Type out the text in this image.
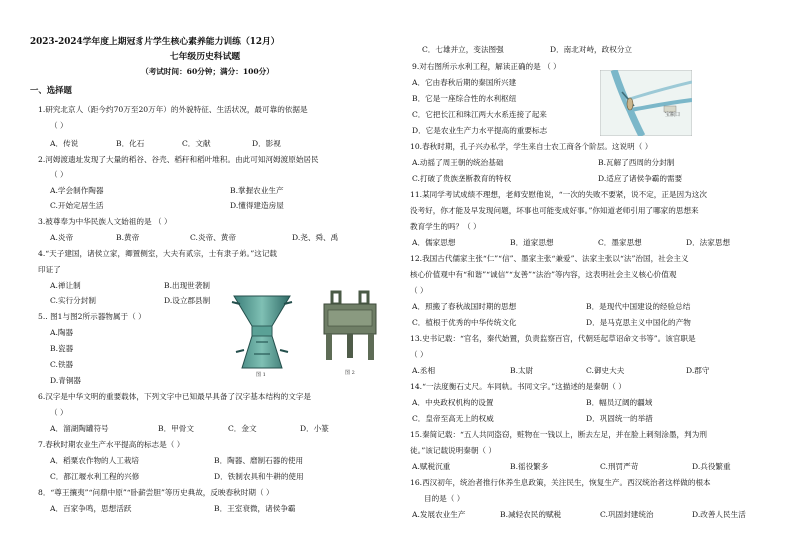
2023-2024学年度上期冠豸片学生核心素养能力训练（12月）
七年级历史科试题
（考试时间：60分钟；满分：100分）
一、选择题
1.研究北京人（距今约70万至20万年）的外貌特征、生活状况，最可靠的依据是
（ ）
A．传说	B．化石	C．文献	D．影视
2.河姆渡遗址发现了大量的稻谷、谷壳、稻秆和稻叶堆积。由此可知河姆渡原始居民
（ ）
A.学会制作陶器	B.掌握农业生产
C.开始定居生活	D.懂得建造房屋
3.被尊奉为中华民族人文始祖的是 （ ）
A.炎帝	B.黄帝	C.炎帝、黄帝	D.尧、舜、禹
4.“天子建国，诸侯立家，卿置侧室，大夫有贰宗，士有隶子弟。”这记载
印证了
A.禅让制	B.出现世袭制
C.实行分封制	D.设立郡县制
5.. 图1与图2所示器物属于（ ）
A.陶器
B.瓷器
C.铁器
D.青铜器
图 1	图 2
6.汉字是中华文明的重要载体，下列文字中已知最早具备了汉字基本结构的文字是
（ ）
A．溜湖陶罐符号	B．甲骨文	C．金文	D．小篆
7.春秋时期农业生产水平提高的标志是（ ）
A．稻粟农作物的人工栽培	B．陶器、磨制石器的使用
C．都江堰水利工程的兴修	D．铁制农具和牛耕的使用
8．“尊王攘夷”“问鼎中原”“卧薪尝胆”等历史典故，反映春秋时期（ ）
A．百家争鸣，思想活跃	B．王室衰微，诸侯争霸
C．七雄并立，变法图强	D．南北对峙，政权分立
9.对右图所示水利工程，解读正确的是 （ ）
A．它由春秋后期的秦国所兴建
B．它是一座综合性的水利枢纽
C．它把长江和珠江两大水系连接了起来
D．它是农业生产力水平提高的重要标志
宝瓶口
10.春秋时期，孔子兴办私学，学生来自士农工商各个阶层。这说明（ ）
A.动摇了周王朝的统治基础	B.瓦解了西周的分封制
C.打破了贵族垄断教育的特权	D.适应了诸侯争霸的需要
11.某同学考试成绩不理想，老师安慰他说，“一次的失败不要紧，说不定，正是因为这次
没考好，你才能及早发现问题，坏事也可能变成好事。”你知道老师引用了哪家的思想来
教育学生的吗？（ ）
A．儒家思想	B．道家思想	C．墨家思想	D．法家思想
12.我国古代儒家主张“仁”“信”、墨家主张“兼爱”、法家主张以“法”治国，社会主义
核心价值观中有“和谐”“诚信”“友善”“法治”等内容，这表明社会主义核心价值观
（ ）
A．照搬了春秋战国时期的思想	B．是现代中国建设的经验总结
C．植根于优秀的中华传统文化	D．是马克思主义中国化的产物
13.史书记载：“官名，秦代始置，负责监察百官，代朝廷起草诏命文书等”。该官职是
（ ）
A.丞相	B.太尉	C.御史大夫	D.郡守
14.“一法度衡石丈尺。车同轨。书同文字。”这描述的是秦朝（ ）
A．中央政权机构的设置	B．幅员辽阔的疆域
C．皇帝至高无上的权威	D．巩固统一的举措
15.秦简记载：“五人共同盗窃，赃物在一钱以上，断去左足，并在脸上刺刻涂墨，判为刑
徒。”该记载说明秦朝（ ）
A.赋税沉重	B.徭役繁多	C.刑罚严苛	D.兵役繁重
16.西汉初年，统治者推行休养生息政策，关注民生，恢复生产。西汉统治者这样做的根本
目的是（ ）
A.发展农业生产	B.减轻农民的赋税	C.巩固封建统治	D.改善人民生活
